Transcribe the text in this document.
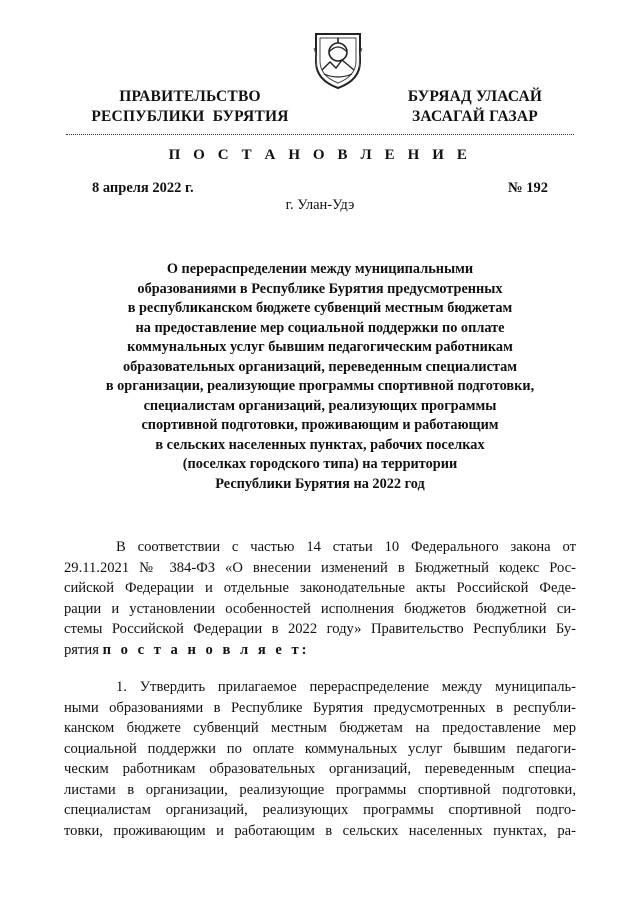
ПРАВИТЕЛЬСТВО
РЕСПУБЛИКИ  БУРЯТИЯ
БУРЯАД УЛАСАЙ
ЗАСАГАЙ ГАЗАР
П О С Т А Н О В Л Е Н И Е
8 апреля 2022 г.	№ 192
г. Улан-Удэ
О перераспределении между муниципальными
образованиями в Республике Бурятия предусмотренных
в республиканском бюджете субвенций местным бюджетам
на предоставление мер социальной поддержки по оплате
коммунальных услуг бывшим педагогическим работникам
образовательных организаций, переведенным специалистам
в организации, реализующие программы спортивной подготовки,
специалистам организаций, реализующих программы
спортивной подготовки, проживающим и работающим
в сельских населенных пунктах, рабочих поселках
(поселках городского типа) на территории
Республики Бурятия на 2022 год
В соответствии с частью 14 статьи 10 Федерального закона от
29.11.2021 № 384-ФЗ «О внесении изменений в Бюджетный кодекс Рос-
сийской Федерации и отдельные законодательные акты Российской Феде-
рации и установлении особенностей исполнения бюджетов бюджетной си-
стемы Российской Федерации в 2022 году» Правительство Республики Бу-
рятия п о с т а н о в л я е т:
1. Утвердить прилагаемое перераспределение между муниципаль-
ными образованиями в Республике Бурятия предусмотренных в республи-
канском бюджете субвенций местным бюджетам на предоставление мер
социальной поддержки по оплате коммунальных услуг бывшим педагоги-
ческим работникам образовательных организаций, переведенным специа-
листами в организации, реализующие программы спортивной подготовки,
специалистам организаций, реализующих программы спортивной подго-
товки, проживающим и работающим в сельских населенных пунктах, ра-
